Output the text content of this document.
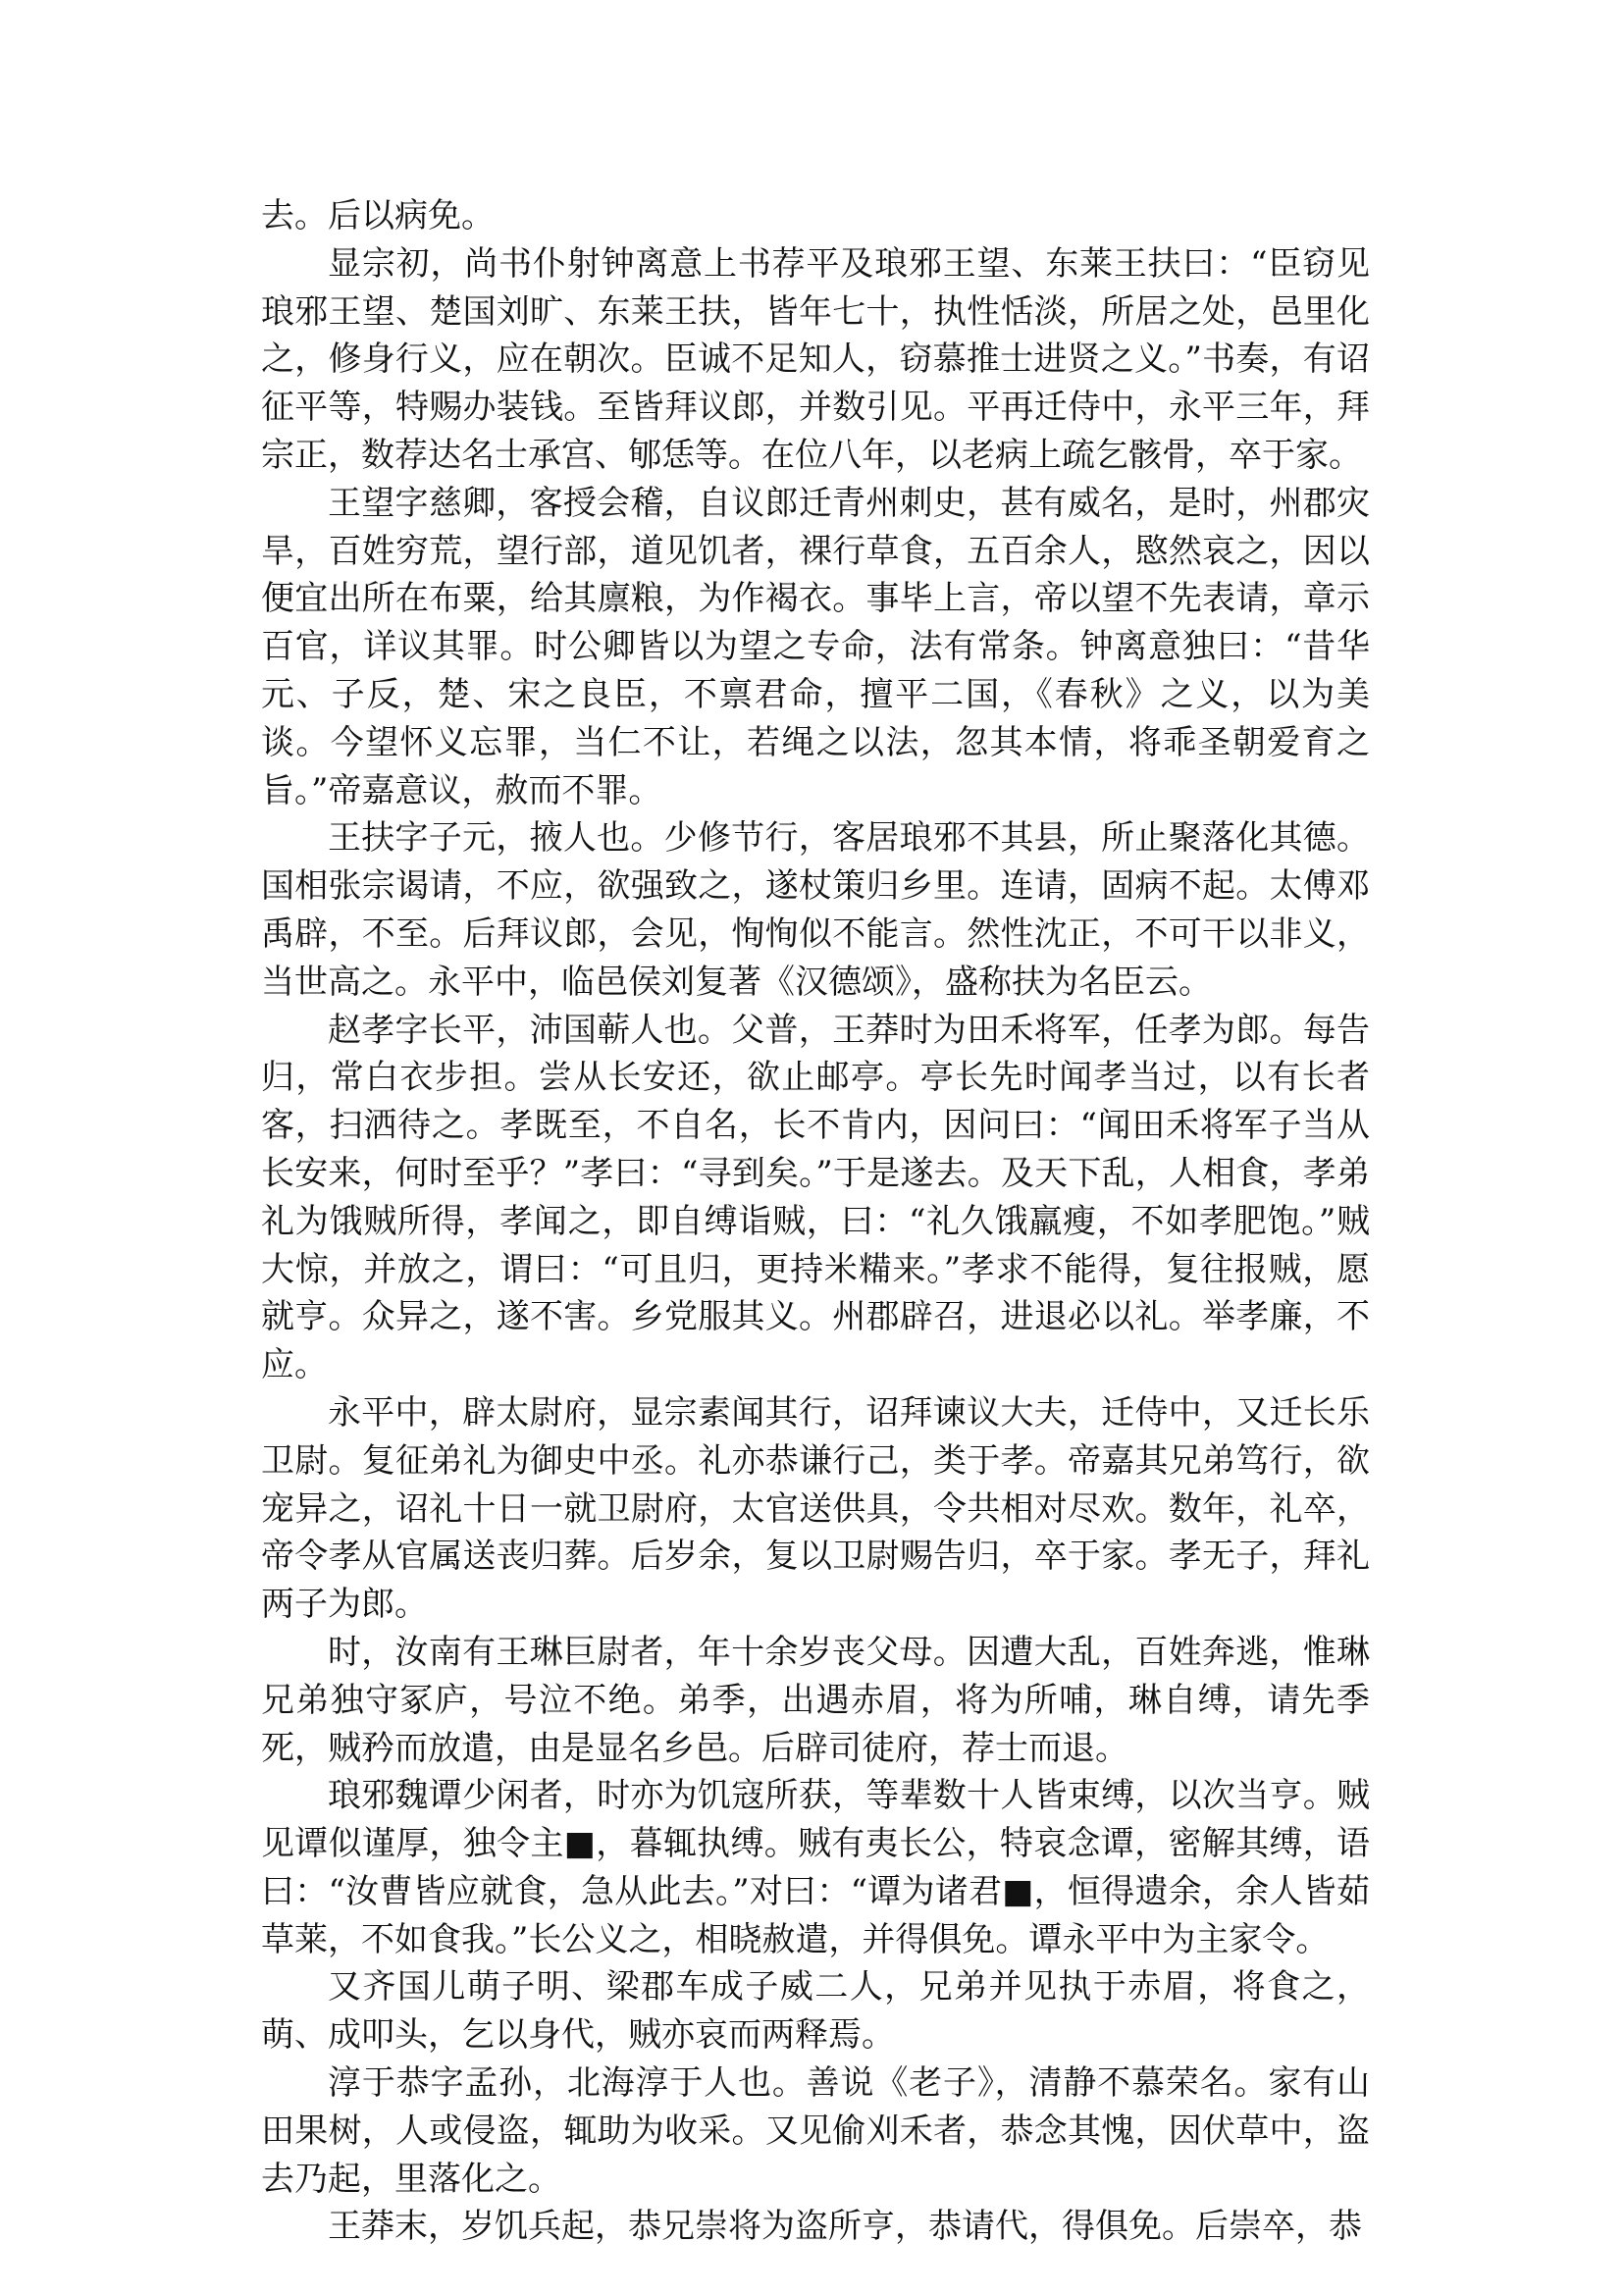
去。后以病免。

显宗初，尚书仆射钟离意上书荐平及琅邪王望、东莱王扶曰：“臣窃见琅邪王望、楚国刘旷、东莱王扶，皆年七十，执性恬淡，所居之处，邑里化之，修身行义，应在朝次。臣诚不足知人，窃慕推士进贤之义。”书奏，有诏征平等，特赐办装钱。至皆拜议郎，并数引见。平再迁侍中，永平三年，拜宗正，数荐达名士承宫、郇恁等。在位八年，以老病上疏乞骸骨，卒于家。

王望字慈卿，客授会稽，自议郎迁青州刺史，甚有威名，是时，州郡灾旱，百姓穷荒，望行部，道见饥者，裸行草食，五百余人，愍然哀之，因以便宜出所在布粟，给其廪粮，为作褐衣。事毕上言，帝以望不先表请，章示百官，详议其罪。时公卿皆以为望之专命，法有常条。钟离意独曰：“昔华元、子反，楚、宋之良臣，不禀君命，擅平二国，《春秋》之义，以为美谈。今望怀义忘罪，当仁不让，若绳之以法，忽其本情，将乖圣朝爱育之旨。”帝嘉意议，赦而不罪。

王扶字子元，掖人也。少修节行，客居琅邪不其县，所止聚落化其德。国相张宗谒请，不应，欲强致之，遂杖策归乡里。连请，固病不起。太傅邓禹辟，不至。后拜议郎，会见，恂恂似不能言。然性沈正，不可干以非义，当世高之。永平中，临邑侯刘复著《汉德颂》，盛称扶为名臣云。

赵孝字长平，沛国蕲人也。父普，王莽时为田禾将军，任孝为郎。每告归，常白衣步担。尝从长安还，欲止邮亭。亭长先时闻孝当过，以有长者客，扫洒待之。孝既至，不自名，长不肯内，因问曰：“闻田禾将军子当从长安来，何时至乎？”孝曰：“寻到矣。”于是遂去。及天下乱，人相食，孝弟礼为饿贼所得，孝闻之，即自缚诣贼，曰：“礼久饿羸瘦，不如孝肥饱。”贼大惊，并放之，谓曰：“可且归，更持米糒来。”孝求不能得，复往报贼，愿就亨。众异之，遂不害。乡党服其义。州郡辟召，进退必以礼。举孝廉，不应。

永平中，辟太尉府，显宗素闻其行，诏拜谏议大夫，迁侍中，又迁长乐卫尉。复征弟礼为御史中丞。礼亦恭谦行己，类于孝。帝嘉其兄弟笃行，欲宠异之，诏礼十日一就卫尉府，太官送供具，令共相对尽欢。数年，礼卒，帝令孝从官属送丧归葬。后岁余，复以卫尉赐告归，卒于家。孝无子，拜礼两子为郎。

时，汝南有王琳巨尉者，年十余岁丧父母。因遭大乱，百姓奔逃，惟琳兄弟独守冢庐，号泣不绝。弟季，出遇赤眉，将为所哺，琳自缚，请先季死，贼矜而放遣，由是显名乡邑。后辟司徒府，荐士而退。

琅邪魏谭少闲者，时亦为饥寇所获，等辈数十人皆束缚，以次当亨。贼见谭似谨厚，独令主■，暮辄执缚。贼有夷长公，特哀念谭，密解其缚，语曰：“汝曹皆应就食，急从此去。”对曰：“谭为诸君■，恒得遗余，余人皆茹草莱，不如食我。”长公义之，相晓赦遣，并得俱免。谭永平中为主家令。

又齐国儿萌子明、梁郡车成子威二人，兄弟并见执于赤眉，将食之，萌、成叩头，乞以身代，贼亦哀而两释焉。

淳于恭字孟孙，北海淳于人也。善说《老子》，清静不慕荣名。家有山田果树，人或侵盗，辄助为收采。又见偷刈禾者，恭念其愧，因伏草中，盗去乃起，里落化之。

王莽末，岁饥兵起，恭兄崇将为盗所亨，恭请代，得俱免。后崇卒，恭
